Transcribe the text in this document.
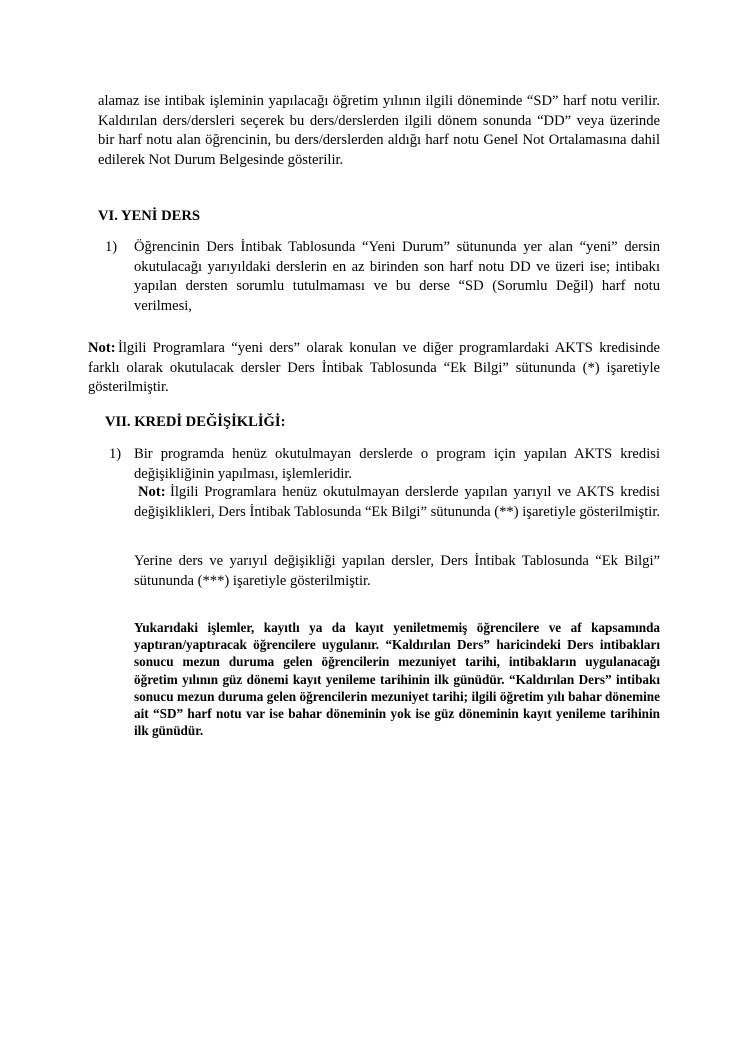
alamaz ise intibak işleminin yapılacağı öğretim yılının ilgili döneminde “SD” harf notu verilir. Kaldırılan ders/dersleri seçerek bu ders/derslerden ilgili dönem sonunda “DD” veya üzerinde bir harf notu alan öğrencinin, bu ders/derslerden aldığı harf notu Genel Not Ortalamasına dahil edilerek Not Durum Belgesinde gösterilir.

VI. YENİ DERS
1) Öğrencinin Ders İntibak Tablosunda “Yeni Durum” sütununda yer alan “yeni” dersin okutulacağı yarıyıldaki derslerin en az birinden son harf notu DD ve üzeri ise; intibakı yapılan dersten sorumlu tutulmaması ve bu derse “SD (Sorumlu Değil) harf notu verilmesi,

Not: İlgili Programlara “yeni ders” olarak konulan ve diğer programlardaki AKTS kredisinde farklı olarak okutulacak dersler Ders İntibak Tablosunda “Ek Bilgi” sütununda (*) işaretiyle gösterilmiştir.

VII. KREDİ DEĞİŞİKLİĞİ:
1) Bir programda henüz okutulmayan derslerde o program için yapılan AKTS kredisi değişikliğinin yapılması, işlemleridir.

Not: İlgili Programlara henüz okutulmayan derslerde yapılan yarıyıl ve AKTS kredisi değişiklikleri, Ders İntibak Tablosunda “Ek Bilgi” sütununda (**) işaretiyle gösterilmiştir.

Yerine ders ve yarıyıl değişikliği yapılan dersler, Ders İntibak Tablosunda “Ek Bilgi” sütununda (***) işaretiyle gösterilmiştir.

Yukarıdaki işlemler, kayıtlı ya da kayıt yeniletmemiş öğrencilere ve af kapsamında yaptıran/yaptıracak öğrencilere uygulanır. “Kaldırılan Ders” haricindeki Ders intibakları sonucu mezun duruma gelen öğrencilerin mezuniyet tarihi, intibakların uygulanacağı öğretim yılının güz dönemi kayıt yenileme tarihinin ilk günüdür. “Kaldırılan Ders” intibakı sonucu mezun duruma gelen öğrencilerin mezuniyet tarihi; ilgili öğretim yılı bahar dönemine ait “SD” harf notu var ise bahar döneminin yok ise güz döneminin kayıt yenileme tarihinin ilk günüdür.
